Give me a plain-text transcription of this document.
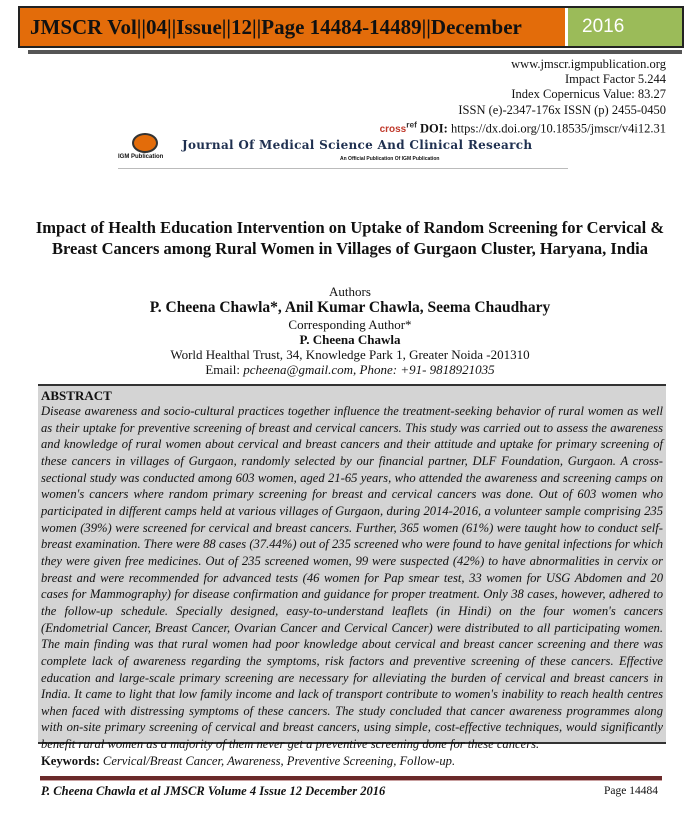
JMSCR Vol||04||Issue||12||Page 14484-14489||December	2016
www.jmscr.igmpublication.org
Impact Factor 5.244
Index Copernicus Value: 83.27
ISSN (e)-2347-176x ISSN (p) 2455-0450
cross$^{ref}$ DOI: https://dx.doi.org/10.18535/jmscr/v4i12.31
IGM Publication
Journal Of Medical Science And Clinical Research
An Official Publication Of IGM Publication
Impact of Health Education Intervention on Uptake of Random Screening for Cervical & Breast Cancers among Rural Women in Villages of Gurgaon Cluster, Haryana, India
Authors
P. Cheena Chawla*, Anil Kumar Chawla, Seema Chaudhary
Corresponding Author*
P. Cheena Chawla
World Healthal Trust, 34, Knowledge Park 1, Greater Noida -201310
Email: pcheena@gmail.com, Phone: +91- 9818921035
ABSTRACT

Disease awareness and socio-cultural practices together influence the treatment-seeking behavior of rural women as well as their uptake for preventive screening of breast and cervical cancers. This study was carried out to assess the awareness and knowledge of rural women about cervical and breast cancers and their attitude and uptake for primary screening of these cancers in villages of Gurgaon, randomly selected by our financial partner, DLF Foundation, Gurgaon. A cross-sectional study was conducted among 603 women, aged 21-65 years, who attended the awareness and screening camps on women's cancers where random primary screening for breast and cervical cancers was done. Out of 603 women who participated in different camps held at various villages of Gurgaon, during 2014-2016, a volunteer sample comprising 235 women (39%) were screened for cervical and breast cancers. Further, 365 women (61%) were taught how to conduct self-breast examination. There were 88 cases (37.44%) out of 235 screened who were found to have genital infections for which they were given free medicines. Out of 235 screened women, 99 were suspected (42%) to have abnormalities in cervix or breast and were recommended for advanced tests (46 women for Pap smear test, 33 women for USG Abdomen and 20 cases for Mammography) for disease confirmation and guidance for proper treatment. Only 38 cases, however, adhered to the follow-up schedule. Specially designed, easy-to-understand leaflets (in Hindi) on the four women's cancers (Endometrial Cancer, Breast Cancer, Ovarian Cancer and Cervical Cancer) were distributed to all participating women. The main finding was that rural women had poor knowledge about cervical and breast cancer screening and there was complete lack of awareness regarding the symptoms, risk factors and preventive screening of these cancers. Effective education and large-scale primary screening are necessary for alleviating the burden of cervical and breast cancers in India. It came to light that low family income and lack of transport contribute to women's inability to reach health centres when faced with distressing symptoms of these cancers. The study concluded that cancer awareness programmes along with on-site primary screening of cervical and breast cancers, using simple, cost-effective techniques, would significantly benefit rural women as a majority of them never get a preventive screening done for these cancers.

Keywords: Cervical/Breast Cancer, Awareness, Preventive Screening, Follow-up.
P. Cheena Chawla et al JMSCR Volume 4 Issue 12 December 2016	Page 14484
